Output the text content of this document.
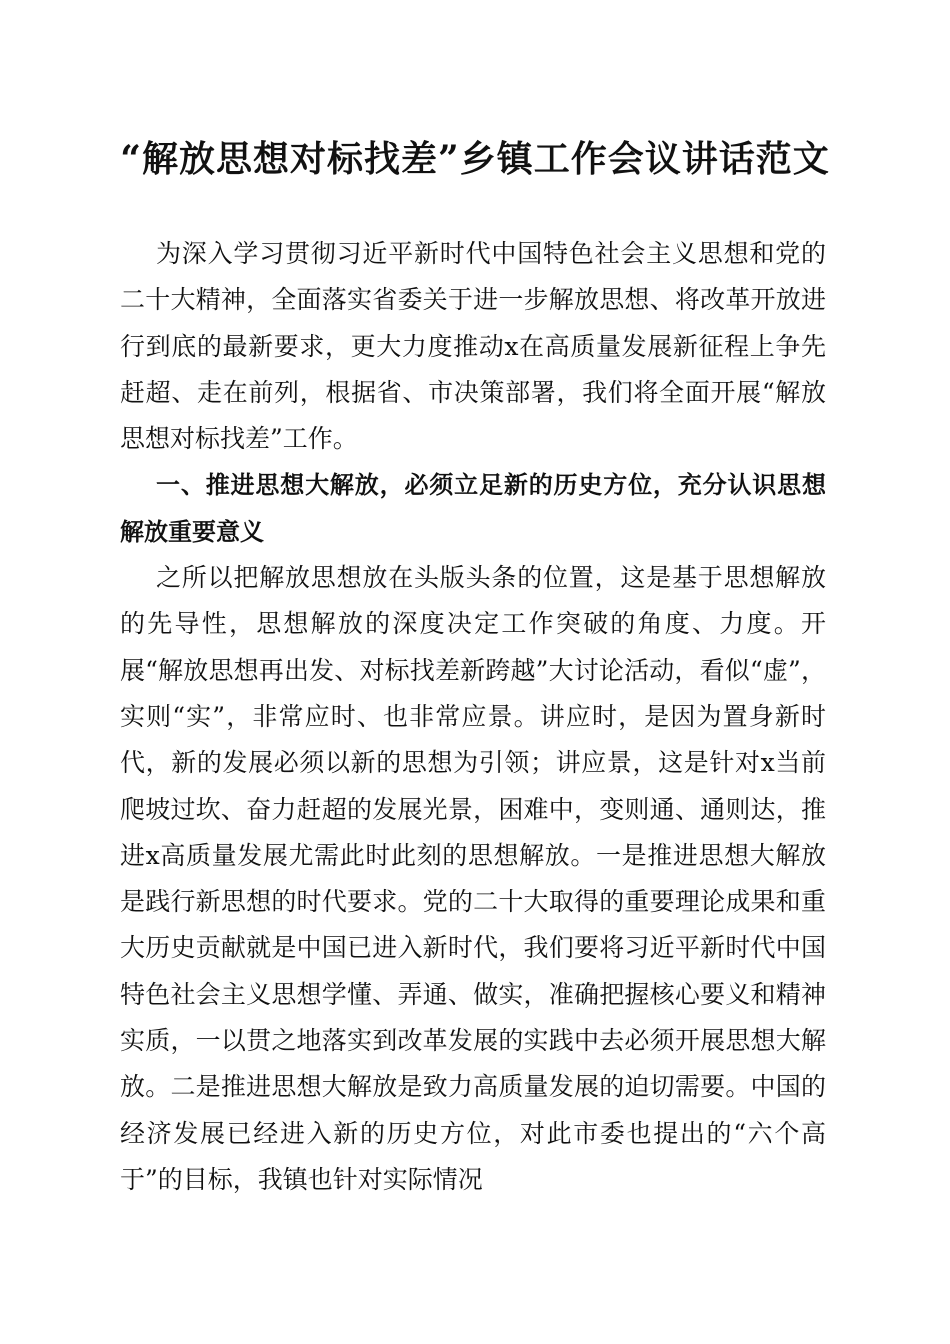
“解放思想对标找差”乡镇工作会议讲话范文

为深入学习贯彻习近平新时代中国特色社会主义思想和党的二十大精神，全面落实省委关于进一步解放思想、将改革开放进行到底的最新要求，更大力度推动x在高质量发展新征程上争先赶超、走在前列，根据省、市决策部署，我们将全面开展“解放思想对标找差”工作。

一、推进思想大解放，必须立足新的历史方位，充分认识思想解放重要意义

之所以把解放思想放在头版头条的位置，这是基于思想解放的先导性，思想解放的深度决定工作突破的角度、力度。开展“解放思想再出发、对标找差新跨越”大讨论活动，看似“虚”，实则“实”，非常应时、也非常应景。讲应时，是因为置身新时代，新的发展必须以新的思想为引领；讲应景，这是针对x当前爬坡过坎、奋力赶超的发展光景，困难中，变则通、通则达，推进x高质量发展尤需此时此刻的思想解放。一是推进思想大解放是践行新思想的时代要求。党的二十大取得的重要理论成果和重大历史贡献就是中国已进入新时代，我们要将习近平新时代中国特色社会主义思想学懂、弄通、做实，准确把握核心要义和精神实质，一以贯之地落实到改革发展的实践中去必须开展思想大解放。二是推进思想大解放是致力高质量发展的迫切需要。中国的经济发展已经进入新的历史方位，对此市委也提出的“六个高于”的目标，我镇也针对实际情况
